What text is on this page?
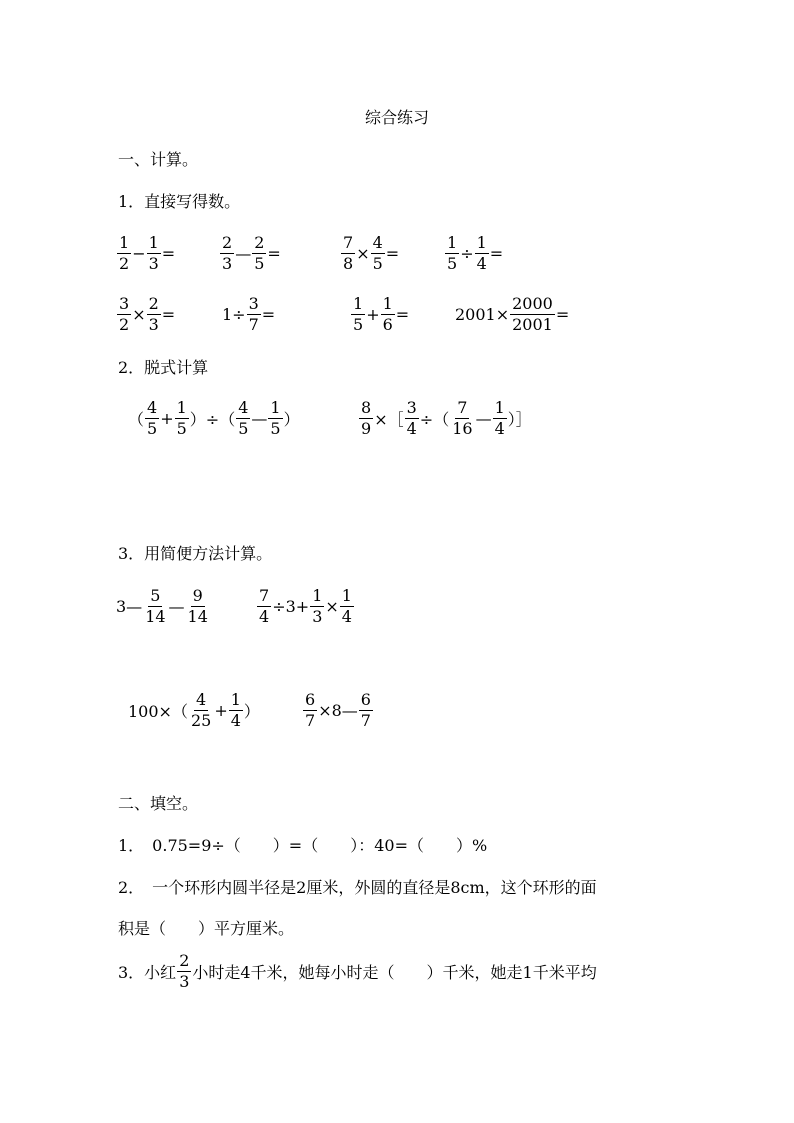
综合练习
一、计算。
1．直接写得数。
$\frac{1}{2} - \frac{1}{3}$ =	$\frac{2}{3}$ — $\frac{2}{5}$ =	$\frac{7}{8} \times \frac{4}{5}$ =	$\frac{1}{5} \div \frac{1}{4}$ =
$\frac{3}{2} \times \frac{2}{3}$ =	$1\div \frac{3}{7}$ =	$\frac{1}{5} + \frac{1}{6}$ =	$2001\times \frac{2000}{2001}$ =
2．脱式计算
（ $\frac{4}{5} + \frac{1}{5}$ ）÷（ $\frac{4}{5}$ — $\frac{1}{5}$ ）	$\frac{8}{9}$ ×［ $\frac{3}{4}$ ÷（ $\frac{7}{16}$ — $\frac{1}{4}$ ）］
3．用简便方法计算。
3— $\frac{5}{14}$ — $\frac{9}{14}$	$\frac{7}{4} \div 3+ \frac{1}{3} \times \frac{1}{4}$
$100\times( \frac{4}{25} + \frac{1}{4}$ ）	$\frac{6}{7}$ ×8— $\frac{6}{7}$
二、填空。
1．　0.75=9÷（　　）=（　　）：40=（　　）%
2．　一个环形内圆半径是2厘米，外圆的直径是8cm，这个环形的面
积是（　　）平方厘米。
3．小红 $\frac{2}{3}$ 小时走4千米，她每小时走（　　）千米，她走1千米平均
